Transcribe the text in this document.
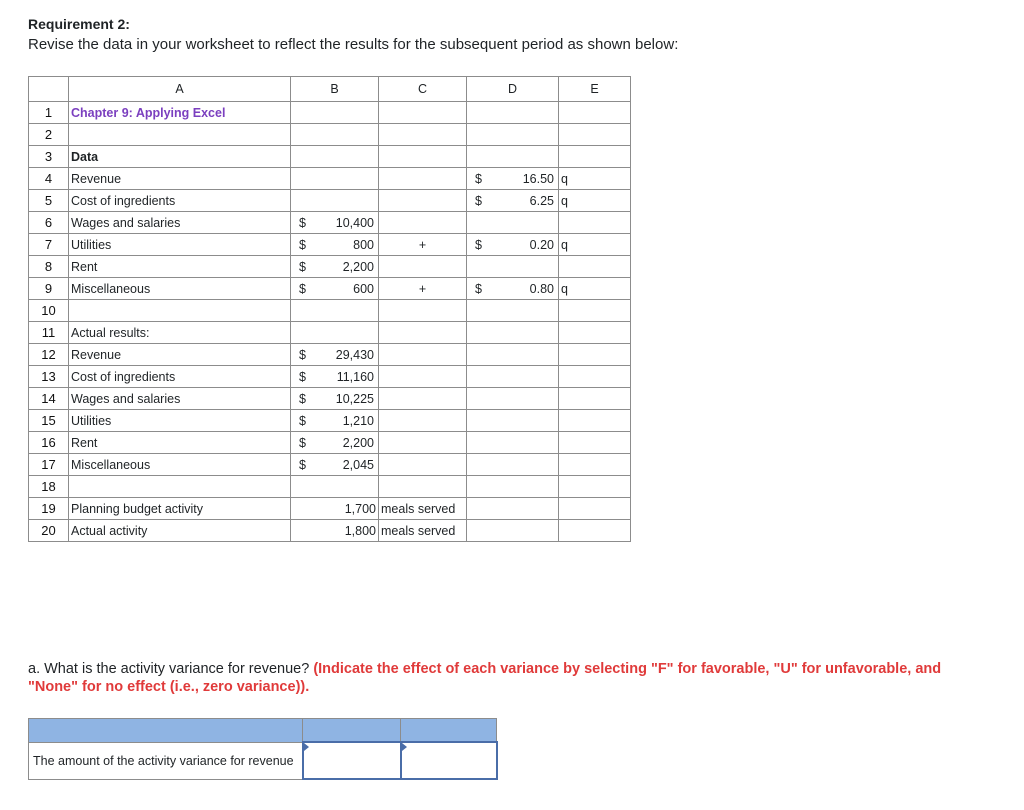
Requirement 2:
Revise the data in your worksheet to reflect the results for the subsequent period as shown below:
	A	B	C	D	E
1	Chapter 9: Applying Excel				
2					
3	Data				
4	Revenue			$ 16.50	q
5	Cost of ingredients			$ 6.25	q
6	Wages and salaries	$ 10,400			

7	Utilities	$ 800	+	$ 0.20	q
8	Rent	$ 2,200			

9	Miscellaneous	$ 600	+	$ 0.80	q
10					
11	Actual results:				
12	Revenue	$ 29,430			

13	Cost of ingredients	$ 11,160			

14	Wages and salaries	$ 10,225			

15	Utilities	$ 1,210			

16	Rent	$ 2,200			

17	Miscellaneous	$ 2,045			

18					
19	Planning budget activity	1,700	meals served		
20	Actual activity	1,800	meals served		
a. What is the activity variance for revenue? (Indicate the effect of each variance by selecting "F" for favorable, "U" for unfavorable, and "None" for no effect (i.e., zero variance)).

The amount of the activity variance for revenue	
